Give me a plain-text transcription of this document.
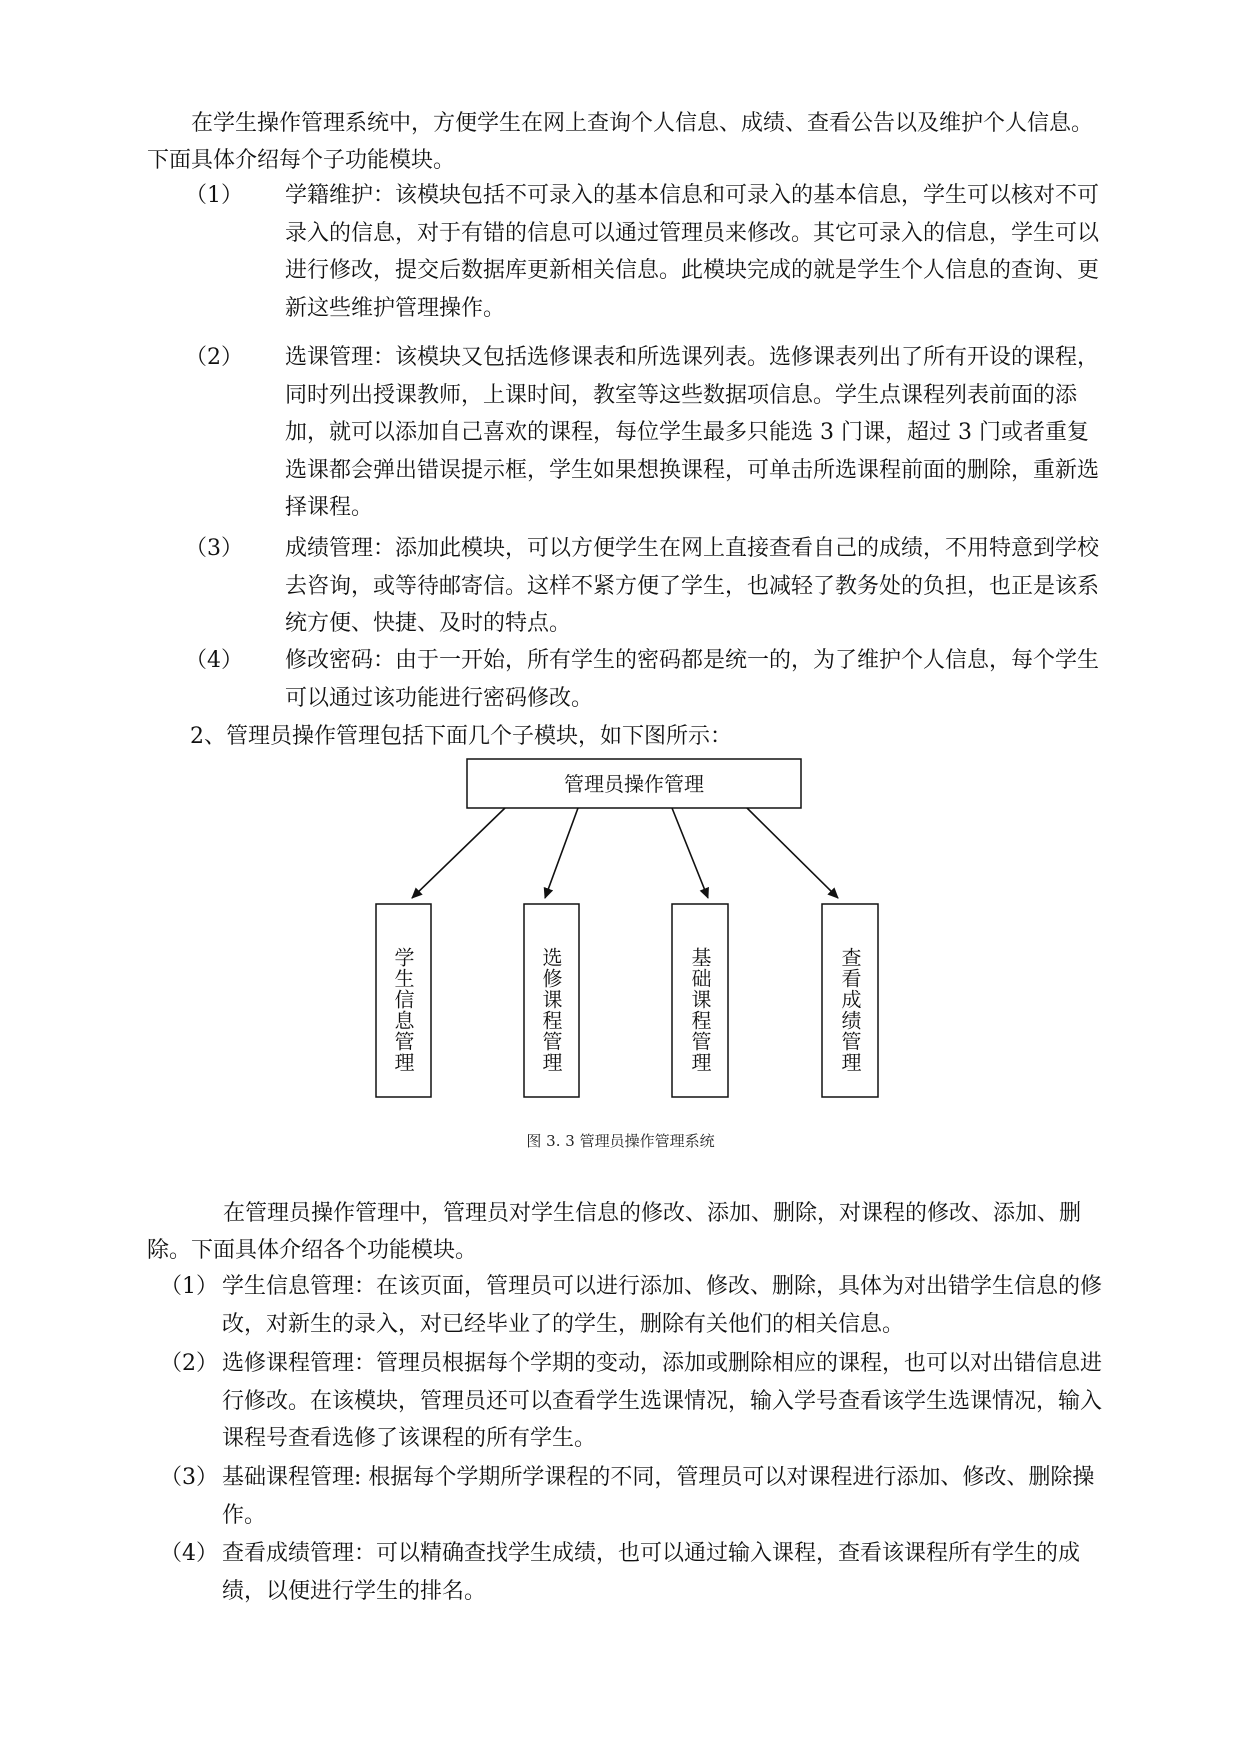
在学生操作管理系统中，方便学生在网上查询个人信息、成绩、查看公告以及维护个人信息。下面具体介绍每个子功能模块。

（1） 学籍维护：该模块包括不可录入的基本信息和可录入的基本信息，学生可以核对不可录入的信息，对于有错的信息可以通过管理员来修改。其它可录入的信息，学生可以进行修改，提交后数据库更新相关信息。此模块完成的就是学生个人信息的查询、更新这些维护管理操作。
（2） 选课管理：该模块又包括选修课表和所选课列表。选修课表列出了所有开设的课程，同时列出授课教师，上课时间，教室等这些数据项信息。学生点课程列表前面的添加，就可以添加自己喜欢的课程，每位学生最多只能选 3 门课，超过 3 门或者重复选课都会弹出错误提示框，学生如果想换课程，可单击所选课程前面的删除，重新选择课程。
（3） 成绩管理：添加此模块，可以方便学生在网上直接查看自己的成绩，不用特意到学校去咨询，或等待邮寄信。这样不紧方便了学生，也减轻了教务处的负担，也正是该系统方便、快捷、及时的特点。
（4） 修改密码：由于一开始，所有学生的密码都是统一的，为了维护个人信息，每个学生可以通过该功能进行密码修改。

2、管理员操作管理包括下面几个子模块，如下图所示：

管理员操作管理
学生信息管理	选修课程管理	基础课程管理	查看成绩管理
图 3. 3 管理员操作管理系统

在管理员操作管理中，管理员对学生信息的修改、添加、删除，对课程的修改、添加、删除。下面具体介绍各个功能模块。

（1） 学生信息管理：在该页面，管理员可以进行添加、修改、删除，具体为对出错学生信息的修改，对新生的录入，对已经毕业了的学生，删除有关他们的相关信息。
（2） 选修课程管理：管理员根据每个学期的变动，添加或删除相应的课程，也可以对出错信息进行修改。在该模块，管理员还可以查看学生选课情况，输入学号查看该学生选课情况，输入课程号查看选修了该课程的所有学生。
（3） 基础课程管理: 根据每个学期所学课程的不同，管理员可以对课程进行添加、修改、删除操作。
（4） 查看成绩管理：可以精确查找学生成绩，也可以通过输入课程，查看该课程所有学生的成绩，以便进行学生的排名。
